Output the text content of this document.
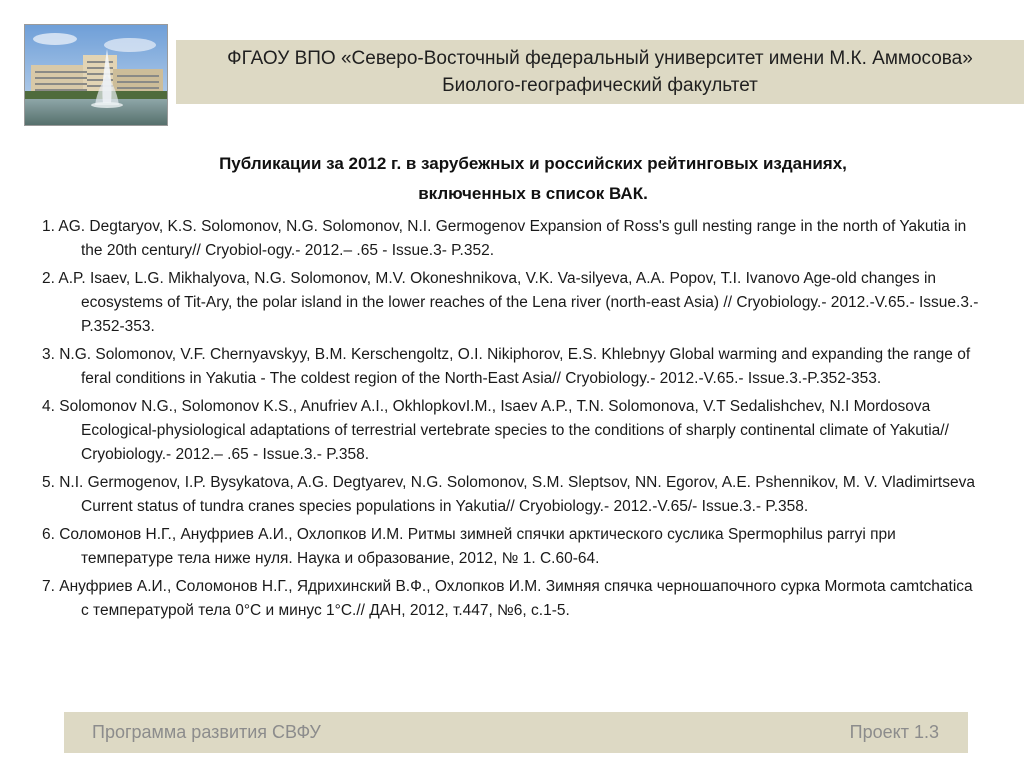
ФГАОУ ВПО «Северо-Восточный федеральный университет имени М.К. Аммосова»
Биолого-географический факультет
Публикации за 2012 г. в зарубежных и российских рейтинговых изданиях,
включенных в список ВАК.
1. AG. Degtaryov, K.S. Solomonov, N.G. Solomonov, N.I. Germogenov Expansion of Ross's gull nesting range in the north of Yakutia in the 20th century// Cryobiol-ogy.- 2012.– .65 - Issue.3- P.352.
2. A.P. Isaev, L.G. Mikhalyova, N.G. Solomonov, M.V. Okoneshnikova, V.K. Va-silyeva, A.A. Popov, T.I. Ivanovo Age-old changes in ecosystems of Tit-Ary, the polar island in the lower reaches of the Lena river (north-east Asia) // Cryobiology.- 2012.-V.65.- Issue.3.- P.352-353.
3. N.G. Solomonov, V.F. Chernyavskyy, B.M. Kerschengoltz, O.I. Nikiphorov, E.S. Khlebnyy Global warming and expanding the range of feral conditions in Yakutia - The coldest region of the North-East Asia// Cryobiology.- 2012.-V.65.- Issue.3.-P.352-353.
4. Solomonov N.G., Solomonov K.S., Anufriev A.I., OkhlopkovI.M., Isaev A.P., T.N. Solomonova, V.T Sedalishchev, N.I Mordosova Ecological-physiological adaptations of terrestrial vertebrate species to the conditions of sharply continental climate of Yakutia// Cryobiology.- 2012.– .65 - Issue.3.- P.358.
5. N.I. Germogenov, I.P. Bysykatova, A.G. Degtyarev, N.G. Solomonov, S.M. Sleptsov, NN. Egorov, A.E. Pshennikov, M. V. Vladimirtseva Current status of tundra cranes species populations in Yakutia// Cryobiology.- 2012.-V.65/- Issue.3.- P.358.
6. Соломонов Н.Г., Ануфриев А.И., Охлопков И.М. Ритмы зимней спячки арктического суслика Spermophilus parryi при температуре тела ниже нуля. Наука и образование, 2012, № 1. С.60-64.
7. Ануфриев А.И., Соломонов Н.Г., Ядрихинский В.Ф., Охлопков И.М. Зимняя спячка черношапочного сурка Mormota camtchatica с температурой тела 0°С и минус 1°С.// ДАН, 2012, т.447, №6, с.1-5.
Программа развития СВФУ	Проект 1.3
